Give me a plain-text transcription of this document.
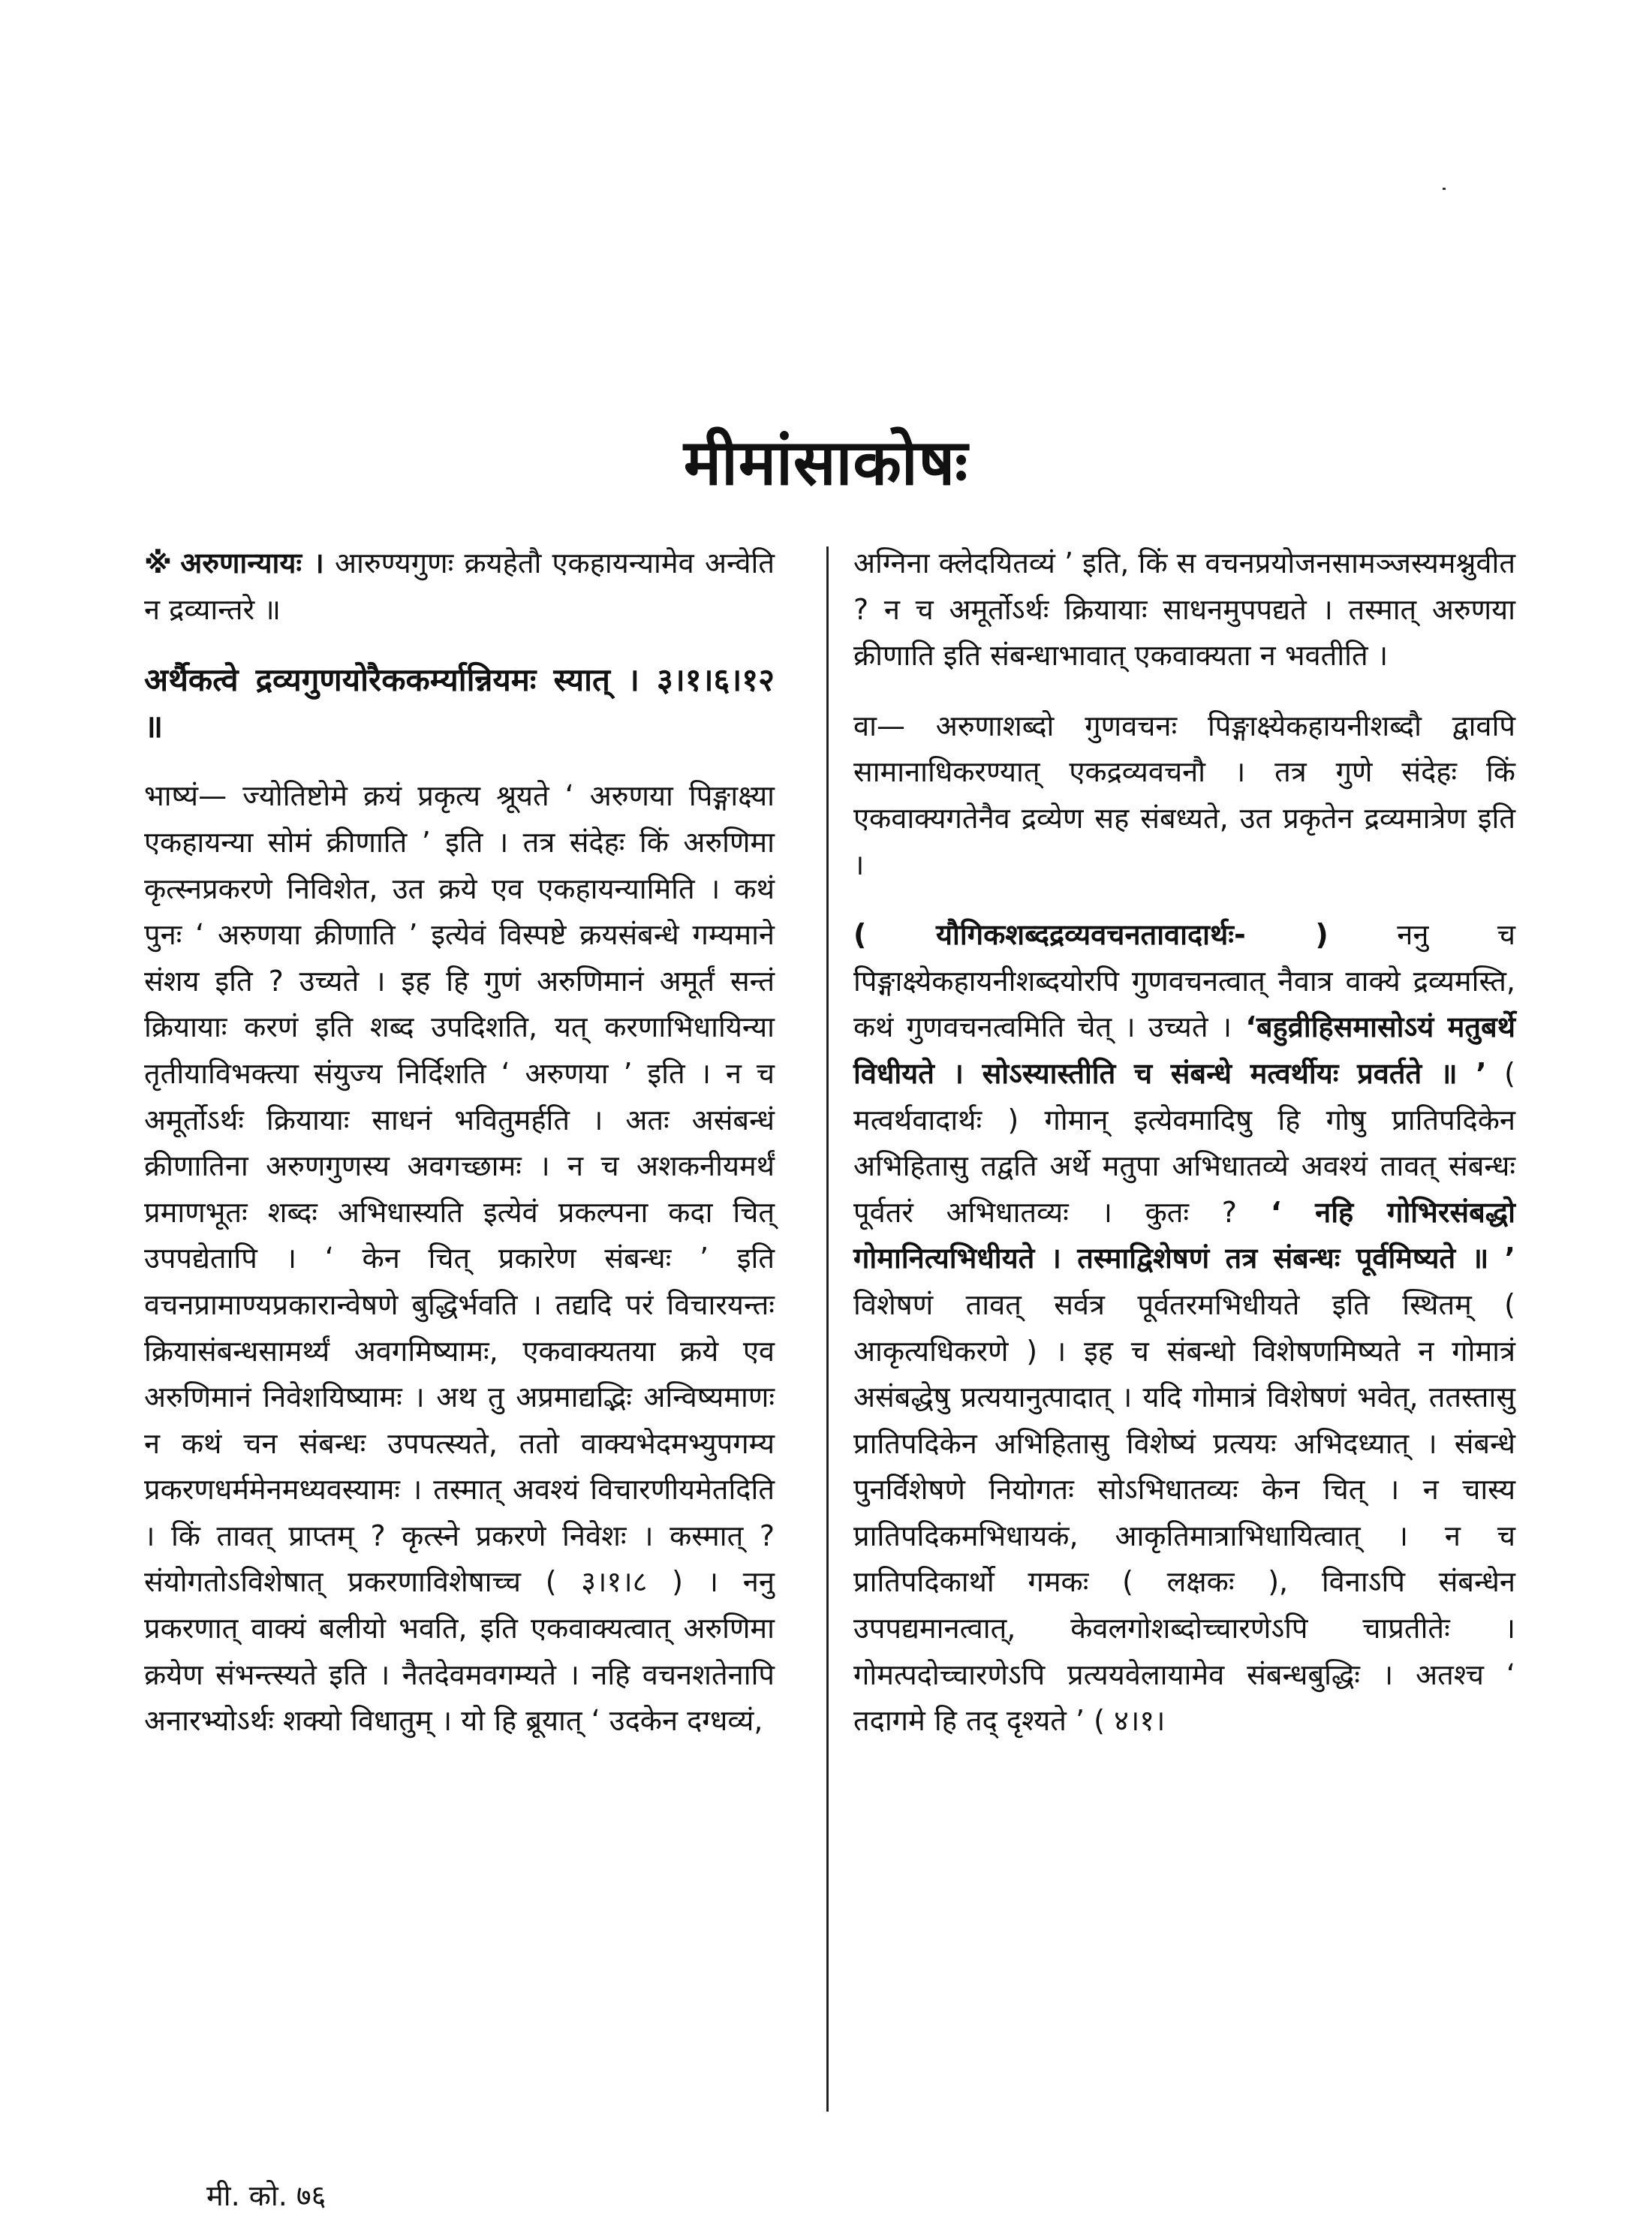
मीमांसाकोषः

※ अरुणान्यायः । आरुण्यगुणः क्रयहेतौ एकहायन्यामेव अन्वेति न द्रव्यान्तरे ॥

अर्थैकत्वे द्रव्यगुणयोरैककर्म्यान्नियमः स्यात् । ३।१।६।१२ ॥

भाष्यं— ज्योतिष्टोमे क्रयं प्रकृत्य श्रूयते ‘ अरुणया पिङ्गाक्ष्या एकहायन्या सोमं क्रीणाति ’ इति । तत्र संदेहः किं अरुणिमा कृत्स्नप्रकरणे निविशेत, उत क्रये एव एकहायन्यामिति । कथं पुनः ‘ अरुणया क्रीणाति ’ इत्येवं विस्पष्टे क्रयसंबन्धे गम्यमाने संशय इति ? उच्यते । इह हि गुणं अरुणिमानं अमूर्तं सन्तं क्रियायाः करणं इति शब्द उपदिशति, यत् करणाभिधायिन्या तृतीयाविभक्त्या संयुज्य निर्दिशति ‘ अरुणया ’ इति । न च अमूर्तोऽर्थः क्रियायाः साधनं भवितुमर्हति । अतः असंबन्धं क्रीणातिना अरुणगुणस्य अवगच्छामः । न च अशकनीयमर्थं प्रमाणभूतः शब्दः अभिधास्यति इत्येवं प्रकल्पना कदा चित् उपपद्येतापि । ‘ केन चित् प्रकारेण संबन्धः ’ इति वचनप्रामाण्यप्रकारान्वेषणे बुद्धिर्भवति । तद्यदि परं विचारयन्तः क्रियासंबन्धसामर्थ्यं अवगमिष्यामः, एकवाक्यतया क्रये एव अरुणिमानं निवेशयिष्यामः । अथ तु अप्रमाद्यद्भिः अन्विष्यमाणः न कथं चन संबन्धः उपपत्स्यते, ततो वाक्यभेदमभ्युपगम्य प्रकरणधर्ममेनमध्यवस्यामः । तस्मात् अवश्यं विचारणीयमेतदिति । किं तावत् प्राप्तम् ? कृत्स्ने प्रकरणे निवेशः । कस्मात् ? संयोगतोऽविशेषात् प्रकरणाविशेषाच्च ( ३।१।८ ) । ननु प्रकरणात् वाक्यं बलीयो भवति, इति एकवाक्यत्वात् अरुणिमा क्रयेण संभन्त्स्यते इति । नैतदेवमवगम्यते । नहि वचनशतेनापि अनारभ्योऽर्थः शक्यो विधातुम् । यो हि ब्रूयात् ‘ उदकेन दग्धव्यं,

अग्निना क्लेदयितव्यं ’ इति, किं स वचनप्रयोजनसामञ्जस्यमश्नुवीत ? न च अमूर्तोऽर्थः क्रियायाः साधनमुपपद्यते । तस्मात् अरुणया क्रीणाति इति संबन्धाभावात् एकवाक्यता न भवतीति ।

वा— अरुणाशब्दो गुणवचनः पिङ्गाक्ष्येकहायनीशब्दौ द्वावपि सामानाधिकरण्यात् एकद्रव्यवचनौ । तत्र गुणे संदेहः किं एकवाक्यगतेनैव द्रव्येण सह संबध्यते, उत प्रकृतेन द्रव्यमात्रेण इति ।

( यौगिकशब्दद्रव्यवचनतावादार्थः- ) ननु च पिङ्गाक्ष्येकहायनीशब्दयोरपि गुणवचनत्वात् नैवात्र वाक्ये द्रव्यमस्ति, कथं गुणवचनत्वमिति चेत् । उच्यते । ‘बहुव्रीहिसमासोऽयं मतुबर्थे विधीयते । सोऽस्यास्तीति च संबन्धे मत्वर्थीयः प्रवर्तते ॥ ’ ( मत्वर्थवादार्थः ) गोमान् इत्येवमादिषु हि गोषु प्रातिपदिकेन अभिहितासु तद्वति अर्थे मतुपा अभिधातव्ये अवश्यं तावत् संबन्धः पूर्वतरं अभिधातव्यः । कुतः ? ‘ नहि गोभिरसंबद्धो गोमानित्यभिधीयते । तस्माद्विशेषणं तत्र संबन्धः पूर्वमिष्यते ॥ ’ विशेषणं तावत् सर्वत्र पूर्वतरमभिधीयते इति स्थितम् ( आकृत्यधिकरणे ) । इह च संबन्धो विशेषणमिष्यते न गोमात्रं असंबद्धेषु प्रत्ययानुत्पादात् । यदि गोमात्रं विशेषणं भवेत्, ततस्तासु प्रातिपदिकेन अभिहितासु विशेष्यं प्रत्ययः अभिदध्यात् । संबन्धे पुनर्विशेषणे नियोगतः सोऽभिधातव्यः केन चित् । न चास्य प्रातिपदिकमभिधायकं, आकृतिमात्राभिधायित्वात् । न च प्रातिपदिकार्थो गमकः ( लक्षकः ), विनाऽपि संबन्धेन उपपद्यमानत्वात्, केवलगोशब्दोच्चारणेऽपि चाप्रतीतेः । गोमत्पदोच्चारणेऽपि प्रत्ययवेलायामेव संबन्धबुद्धिः । अतश्च ‘ तदागमे हि तद् दृश्यते ’ ( ४।१।

मी. को. ७६
